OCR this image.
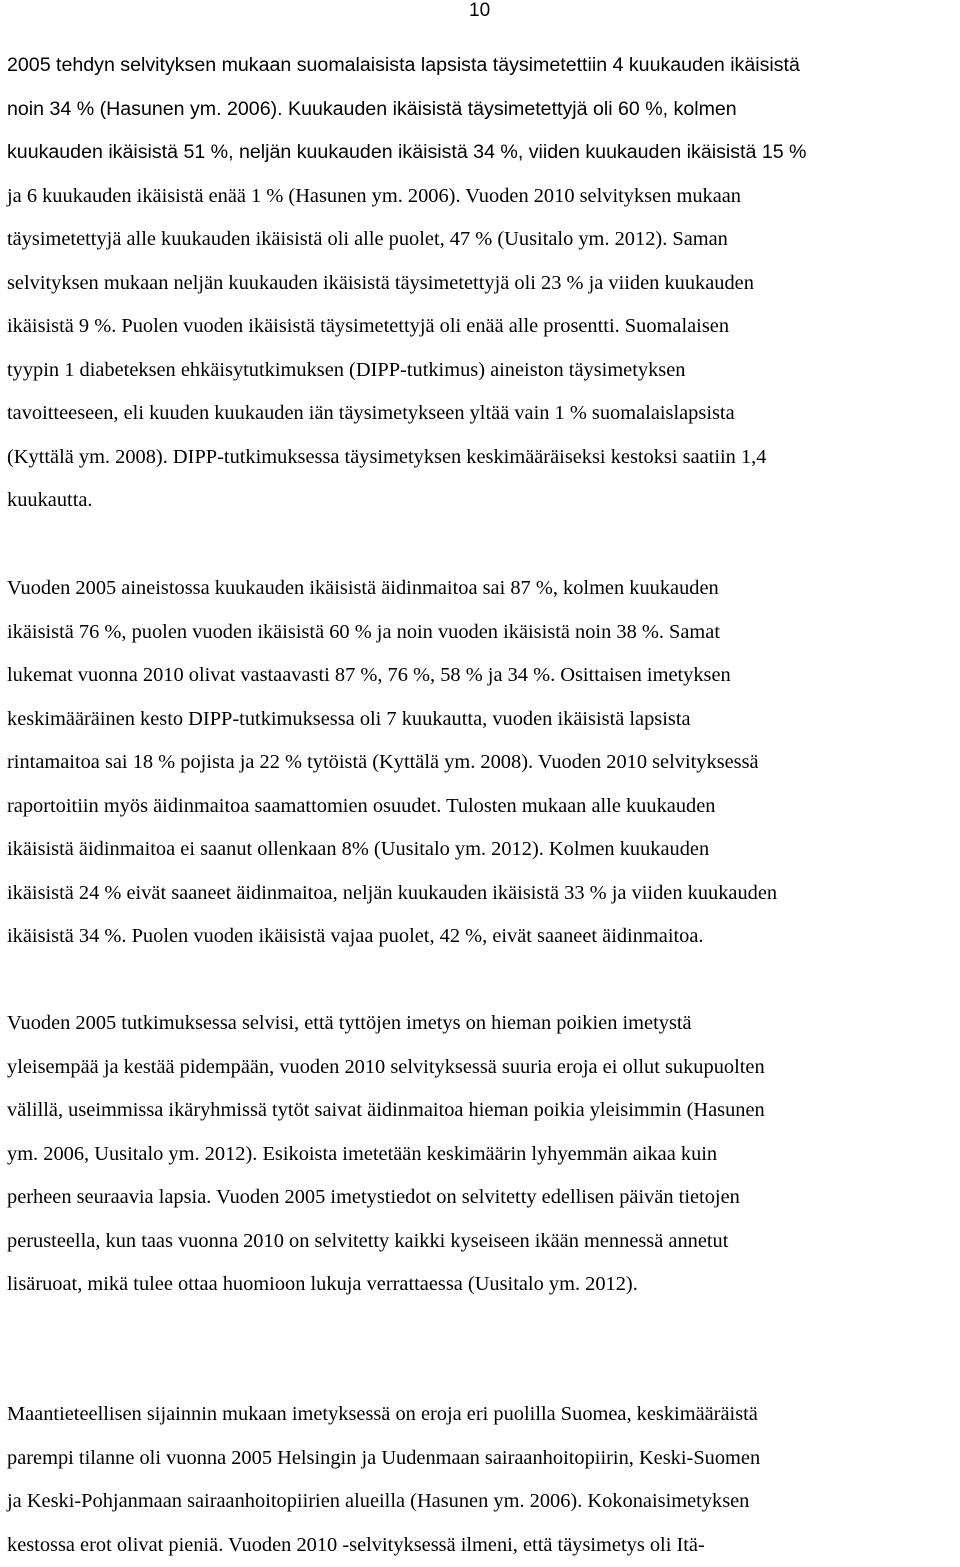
10
2005 tehdyn selvityksen mukaan suomalaisista lapsista täysimetettiin 4 kuukauden ikäisistä
noin 34 % (Hasunen ym. 2006). Kuukauden ikäisistä täysimetettyjä oli 60 %, kolmen
kuukauden ikäisistä 51 %, neljän kuukauden ikäisistä 34 %, viiden kuukauden ikäisistä 15 %
ja 6 kuukauden ikäisistä enää 1 % (Hasunen ym. 2006). Vuoden 2010 selvityksen mukaan
täysimetettyjä alle kuukauden ikäisistä oli alle puolet, 47 % (Uusitalo ym. 2012). Saman
selvityksen mukaan neljän kuukauden ikäisistä täysimetettyjä oli 23 % ja viiden kuukauden
ikäisistä 9 %. Puolen vuoden ikäisistä täysimetettyjä oli enää alle prosentti. Suomalaisen
tyypin 1 diabeteksen ehkäisytutkimuksen (DIPP-tutkimus) aineiston täysimetyksen
tavoitteeseen, eli kuuden kuukauden iän täysimetykseen yltää vain 1 % suomalaislapsista
(Kyttälä ym. 2008). DIPP-tutkimuksessa täysimetyksen keskimääräiseksi kestoksi saatiin 1,4
kuukautta.
Vuoden 2005 aineistossa kuukauden ikäisistä äidinmaitoa sai 87 %, kolmen kuukauden
ikäisistä 76 %, puolen vuoden ikäisistä 60 % ja noin vuoden ikäisistä noin 38 %. Samat
lukemat vuonna 2010 olivat vastaavasti 87 %, 76 %, 58 % ja 34 %. Osittaisen imetyksen
keskimääräinen kesto DIPP-tutkimuksessa oli 7 kuukautta, vuoden ikäisistä lapsista
rintamaitoa sai 18 % pojista ja 22 % tytöistä (Kyttälä ym. 2008). Vuoden 2010 selvityksessä
raportoitiin myös äidinmaitoa saamattomien osuudet. Tulosten mukaan alle kuukauden
ikäisistä äidinmaitoa ei saanut ollenkaan 8% (Uusitalo ym. 2012). Kolmen kuukauden
ikäisistä 24 % eivät saaneet äidinmaitoa, neljän kuukauden ikäisistä 33 % ja viiden kuukauden
ikäisistä 34 %. Puolen vuoden ikäisistä vajaa puolet, 42 %, eivät saaneet äidinmaitoa.
Vuoden 2005 tutkimuksessa selvisi, että tyttöjen imetys on hieman poikien imetystä
yleisempää ja kestää pidempään, vuoden 2010 selvityksessä suuria eroja ei ollut sukupuolten
välillä, useimmissa ikäryhmissä tytöt saivat äidinmaitoa hieman poikia yleisimmin (Hasunen
ym. 2006, Uusitalo ym. 2012). Esikoista imetetään keskimäärin lyhyemmän aikaa kuin
perheen seuraavia lapsia. Vuoden 2005 imetystiedot on selvitetty edellisen päivän tietojen
perusteella, kun taas vuonna 2010 on selvitetty kaikki kyseiseen ikään mennessä annetut
lisäruoat, mikä tulee ottaa huomioon lukuja verrattaessa (Uusitalo ym. 2012).
Maantieteellisen sijainnin mukaan imetyksessä on eroja eri puolilla Suomea, keskimääräistä
parempi tilanne oli vuonna 2005 Helsingin ja Uudenmaan sairaanhoitopiirin, Keski-Suomen
ja Keski-Pohjanmaan sairaanhoitopiirien alueilla (Hasunen ym. 2006). Kokonaisimetyksen
kestossa erot olivat pieniä. Vuoden 2010 -selvityksessä ilmeni, että täysimetys oli Itä-
